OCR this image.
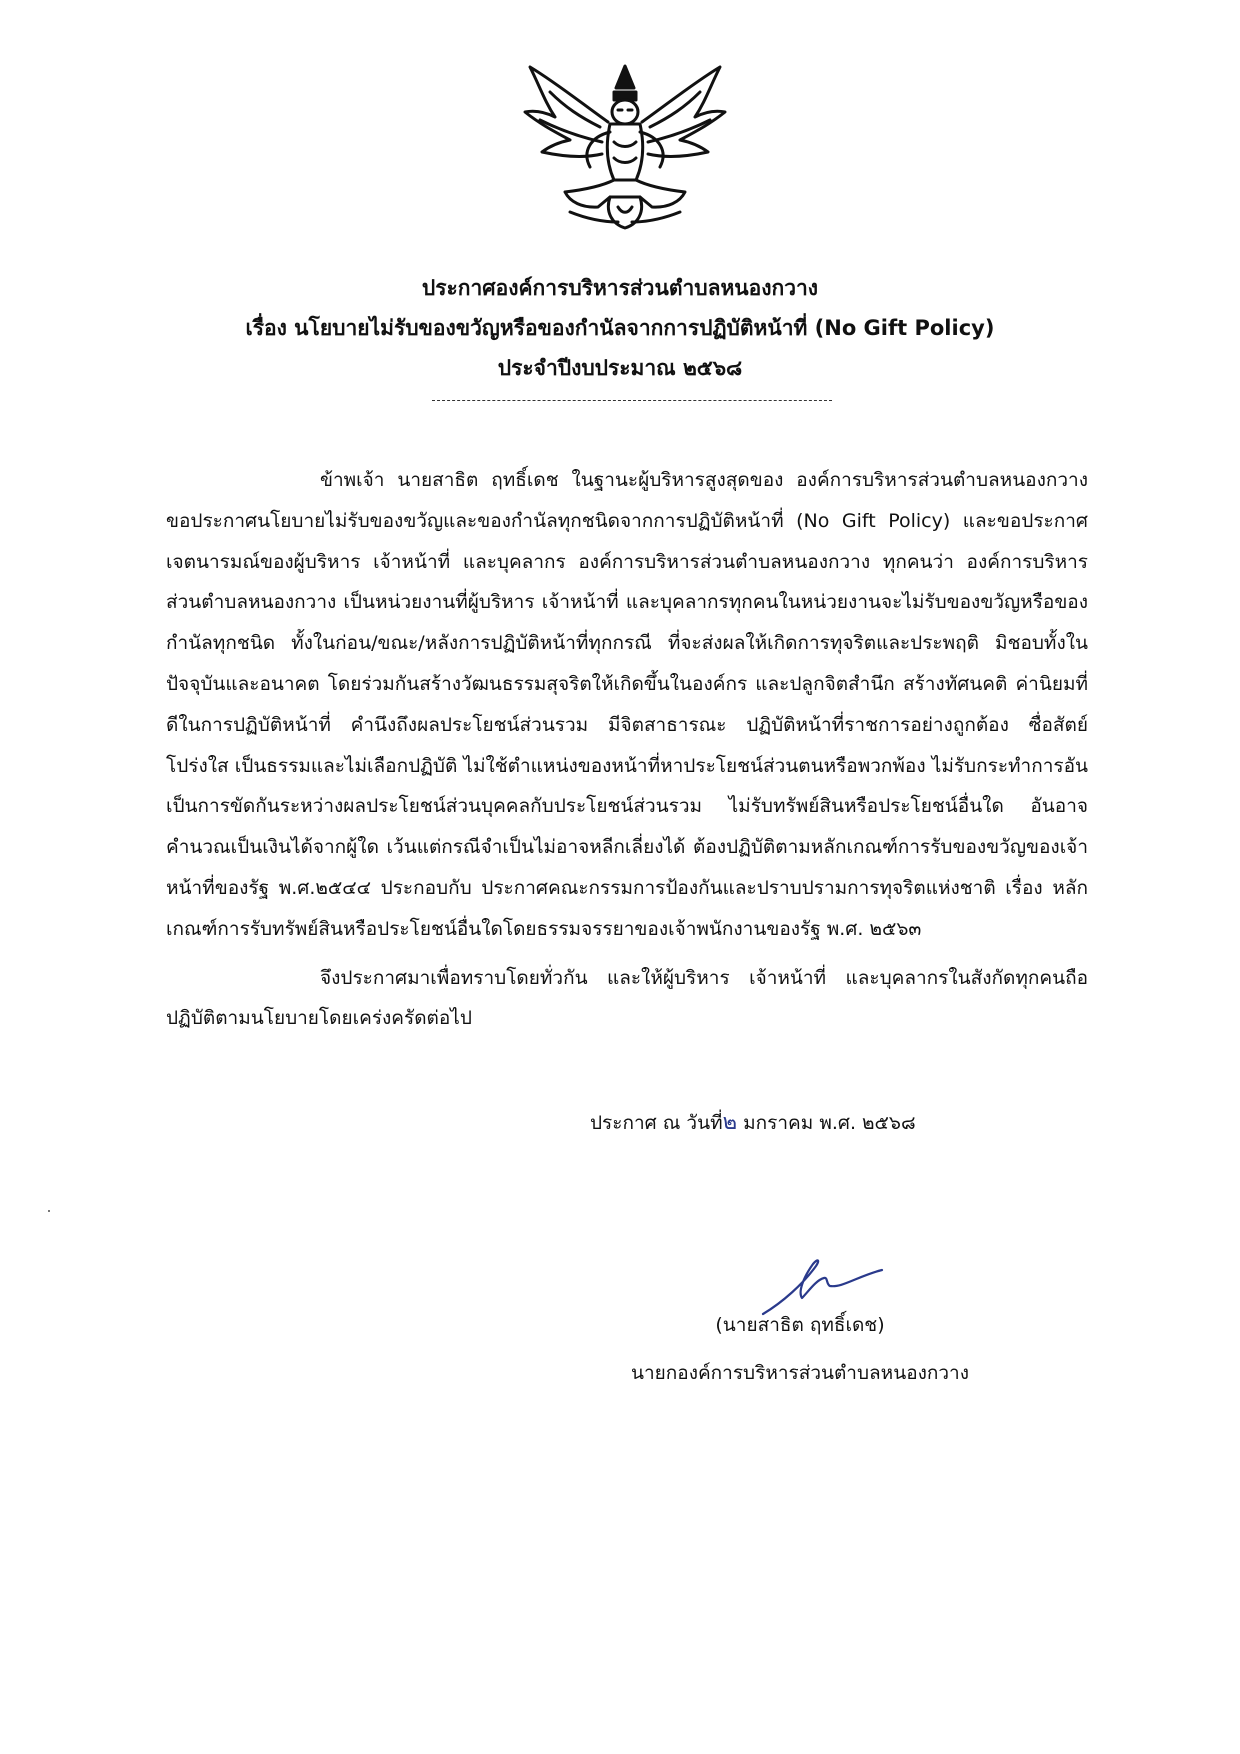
ประกาศองค์การบริหารส่วนตำบลหนองกวาง
เรื่อง นโยบายไม่รับของขวัญหรือของกำนัลจากการปฏิบัติหน้าที่ (No Gift Policy)
ประจำปีงบประมาณ ๒๕๖๘

ข้าพเจ้า นายสาธิต ฤทธิ์เดช ในฐานะผู้บริหารสูงสุดของ องค์การบริหารส่วนตำบลหนองกวาง ขอประกาศนโยบายไม่รับของขวัญและของกำนัลทุกชนิดจากการปฏิบัติหน้าที่ (No Gift Policy) และขอประกาศเจตนารมณ์ของผู้บริหาร เจ้าหน้าที่ และบุคลากร องค์การบริหารส่วนตำบลหนองกวาง ทุกคนว่า องค์การบริหารส่วนตำบลหนองกวาง เป็นหน่วยงานที่ผู้บริหาร เจ้าหน้าที่ และบุคลากรทุกคนในหน่วยงานจะไม่รับของขวัญหรือของกำนัลทุกชนิด ทั้งในก่อน/ขณะ/หลังการปฏิบัติหน้าที่ทุกกรณี ที่จะส่งผลให้เกิดการทุจริตและประพฤติ มิชอบทั้งในปัจจุบันและอนาคต โดยร่วมกันสร้างวัฒนธรรมสุจริตให้เกิดขึ้นในองค์กร และปลูกจิตสำนึก สร้างทัศนคติ ค่านิยมที่ดีในการปฏิบัติหน้าที่ คำนึงถึงผลประโยชน์ส่วนรวม มีจิตสาธารณะ ปฏิบัติหน้าที่ราชการอย่างถูกต้อง ซื่อสัตย์ โปร่งใส เป็นธรรมและไม่เลือกปฏิบัติ ไม่ใช้ตำแหน่งของหน้าที่หาประโยชน์ส่วนตนหรือพวกพ้อง ไม่รับกระทำการอันเป็นการขัดกันระหว่างผลประโยชน์ส่วนบุคคลกับประโยชน์ส่วนรวม ไม่รับทรัพย์สินหรือประโยชน์อื่นใด อันอาจคำนวณเป็นเงินได้จากผู้ใด เว้นแต่กรณีจำเป็นไม่อาจหลีกเลี่ยงได้ ต้องปฏิบัติตามหลักเกณฑ์การรับของขวัญของเจ้าหน้าที่ของรัฐ พ.ศ.๒๕๔๔ ประกอบกับ ประกาศคณะกรรมการป้องกันและปราบปรามการทุจริตแห่งชาติ เรื่อง หลักเกณฑ์การรับทรัพย์สินหรือประโยชน์อื่นใดโดยธรรมจรรยาของเจ้าพนักงานของรัฐ พ.ศ. ๒๕๖๓

จึงประกาศมาเพื่อทราบโดยทั่วกัน และให้ผู้บริหาร เจ้าหน้าที่ และบุคลากรในสังกัดทุกคนถือปฏิบัติตามนโยบายโดยเคร่งครัดต่อไป

ประกาศ ณ วันที่๒ มกราคม พ.ศ. ๒๕๖๘
(นายสาธิต ฤทธิ์เดช)
นายกองค์การบริหารส่วนตำบลหนองกวาง
